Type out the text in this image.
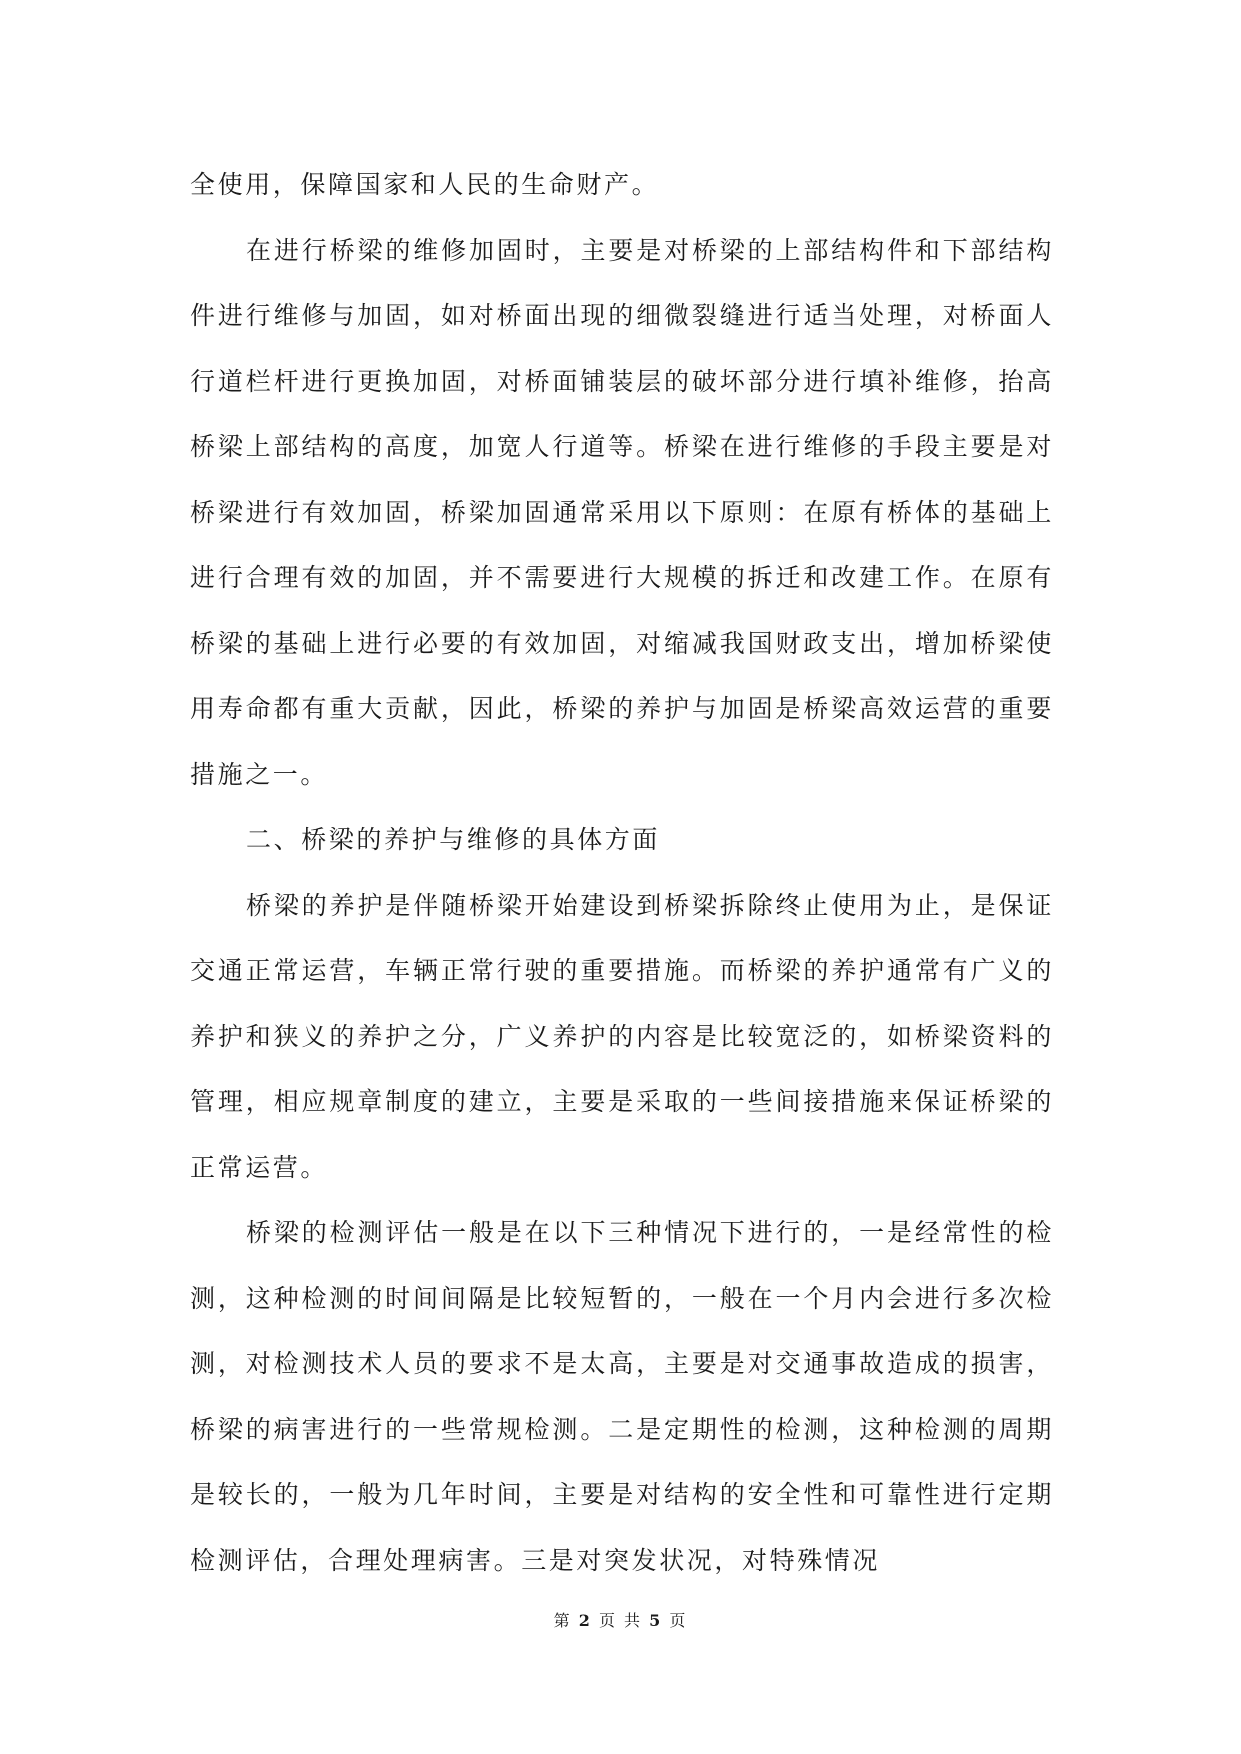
全使用，保障国家和人民的生命财产。

在进行桥梁的维修加固时，主要是对桥梁的上部结构件和下部结构件进行维修与加固，如对桥面出现的细微裂缝进行适当处理，对桥面人行道栏杆进行更换加固，对桥面铺装层的破坏部分进行填补维修，抬高桥梁上部结构的高度，加宽人行道等。桥梁在进行维修的手段主要是对桥梁进行有效加固，桥梁加固通常采用以下原则：在原有桥体的基础上进行合理有效的加固，并不需要进行大规模的拆迁和改建工作。在原有桥梁的基础上进行必要的有效加固，对缩减我国财政支出，增加桥梁使用寿命都有重大贡献，因此，桥梁的养护与加固是桥梁高效运营的重要措施之一。

二、桥梁的养护与维修的具体方面

桥梁的养护是伴随桥梁开始建设到桥梁拆除终止使用为止，是保证交通正常运营，车辆正常行驶的重要措施。而桥梁的养护通常有广义的养护和狭义的养护之分，广义养护的内容是比较宽泛的，如桥梁资料的管理，相应规章制度的建立，主要是采取的一些间接措施来保证桥梁的正常运营。

桥梁的检测评估一般是在以下三种情况下进行的，一是经常性的检测，这种检测的时间间隔是比较短暂的，一般在一个月内会进行多次检测，对检测技术人员的要求不是太高，主要是对交通事故造成的损害，桥梁的病害进行的一些常规检测。二是定期性的检测，这种检测的周期是较长的，一般为几年时间，主要是对结构的安全性和可靠性进行定期检测评估，合理处理病害。三是对突发状况，对特殊情况

第 2 页 共 5 页
